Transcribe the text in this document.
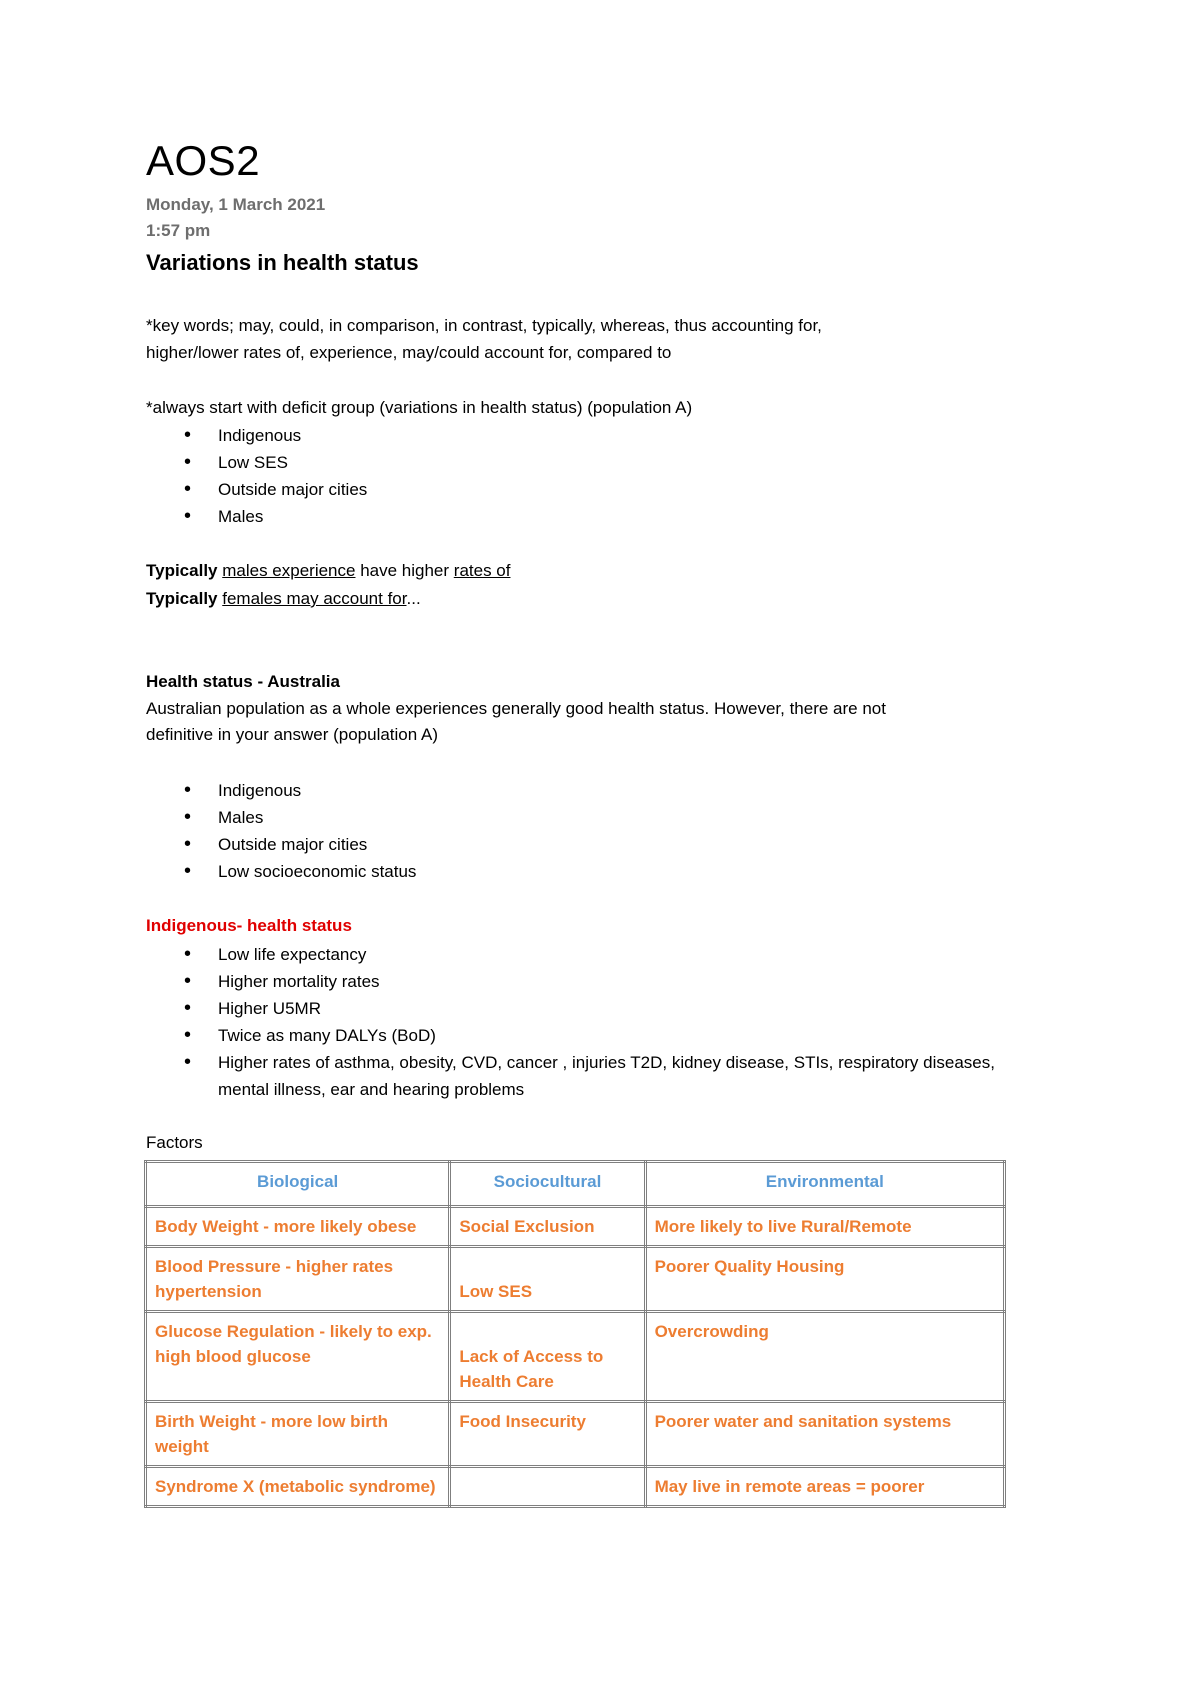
AOS2
Monday, 1 March 2021
1:57 pm
Variations in health status
*key words; may, could, in comparison, in contrast, typically, whereas, thus accounting for,
higher/lower rates of, experience, may/could account for, compared to
*always start with deficit group (variations in health status) (population A)
• Indigenous
• Low SES
• Outside major cities
• Males
Typically males experience have higher rates of
Typically females may account for...
Health status - Australia
Australian population as a whole experiences generally good health status. However, there are not
definitive in your answer (population A)
• Indigenous
• Males
• Outside major cities
• Low socioeconomic status
Indigenous- health status
• Low life expectancy
• Higher mortality rates
• Higher U5MR
• Twice as many DALYs (BoD)
• Higher rates of asthma, obesity, CVD, cancer , injuries T2D, kidney disease, STIs, respiratory diseases, mental illness, ear and hearing problems
Factors
Biological	Sociocultural	Environmental
Body Weight - more likely obese	Social Exclusion	More likely to live Rural/Remote
Blood Pressure - higher rates hypertension	Low SES	Poorer Quality Housing
Glucose Regulation - likely to exp. high blood glucose	Lack of Access to Health Care	Overcrowding
Birth Weight - more low birth weight	Food Insecurity	Poorer water and sanitation systems
Syndrome X (metabolic syndrome)		May live in remote areas = poorer
